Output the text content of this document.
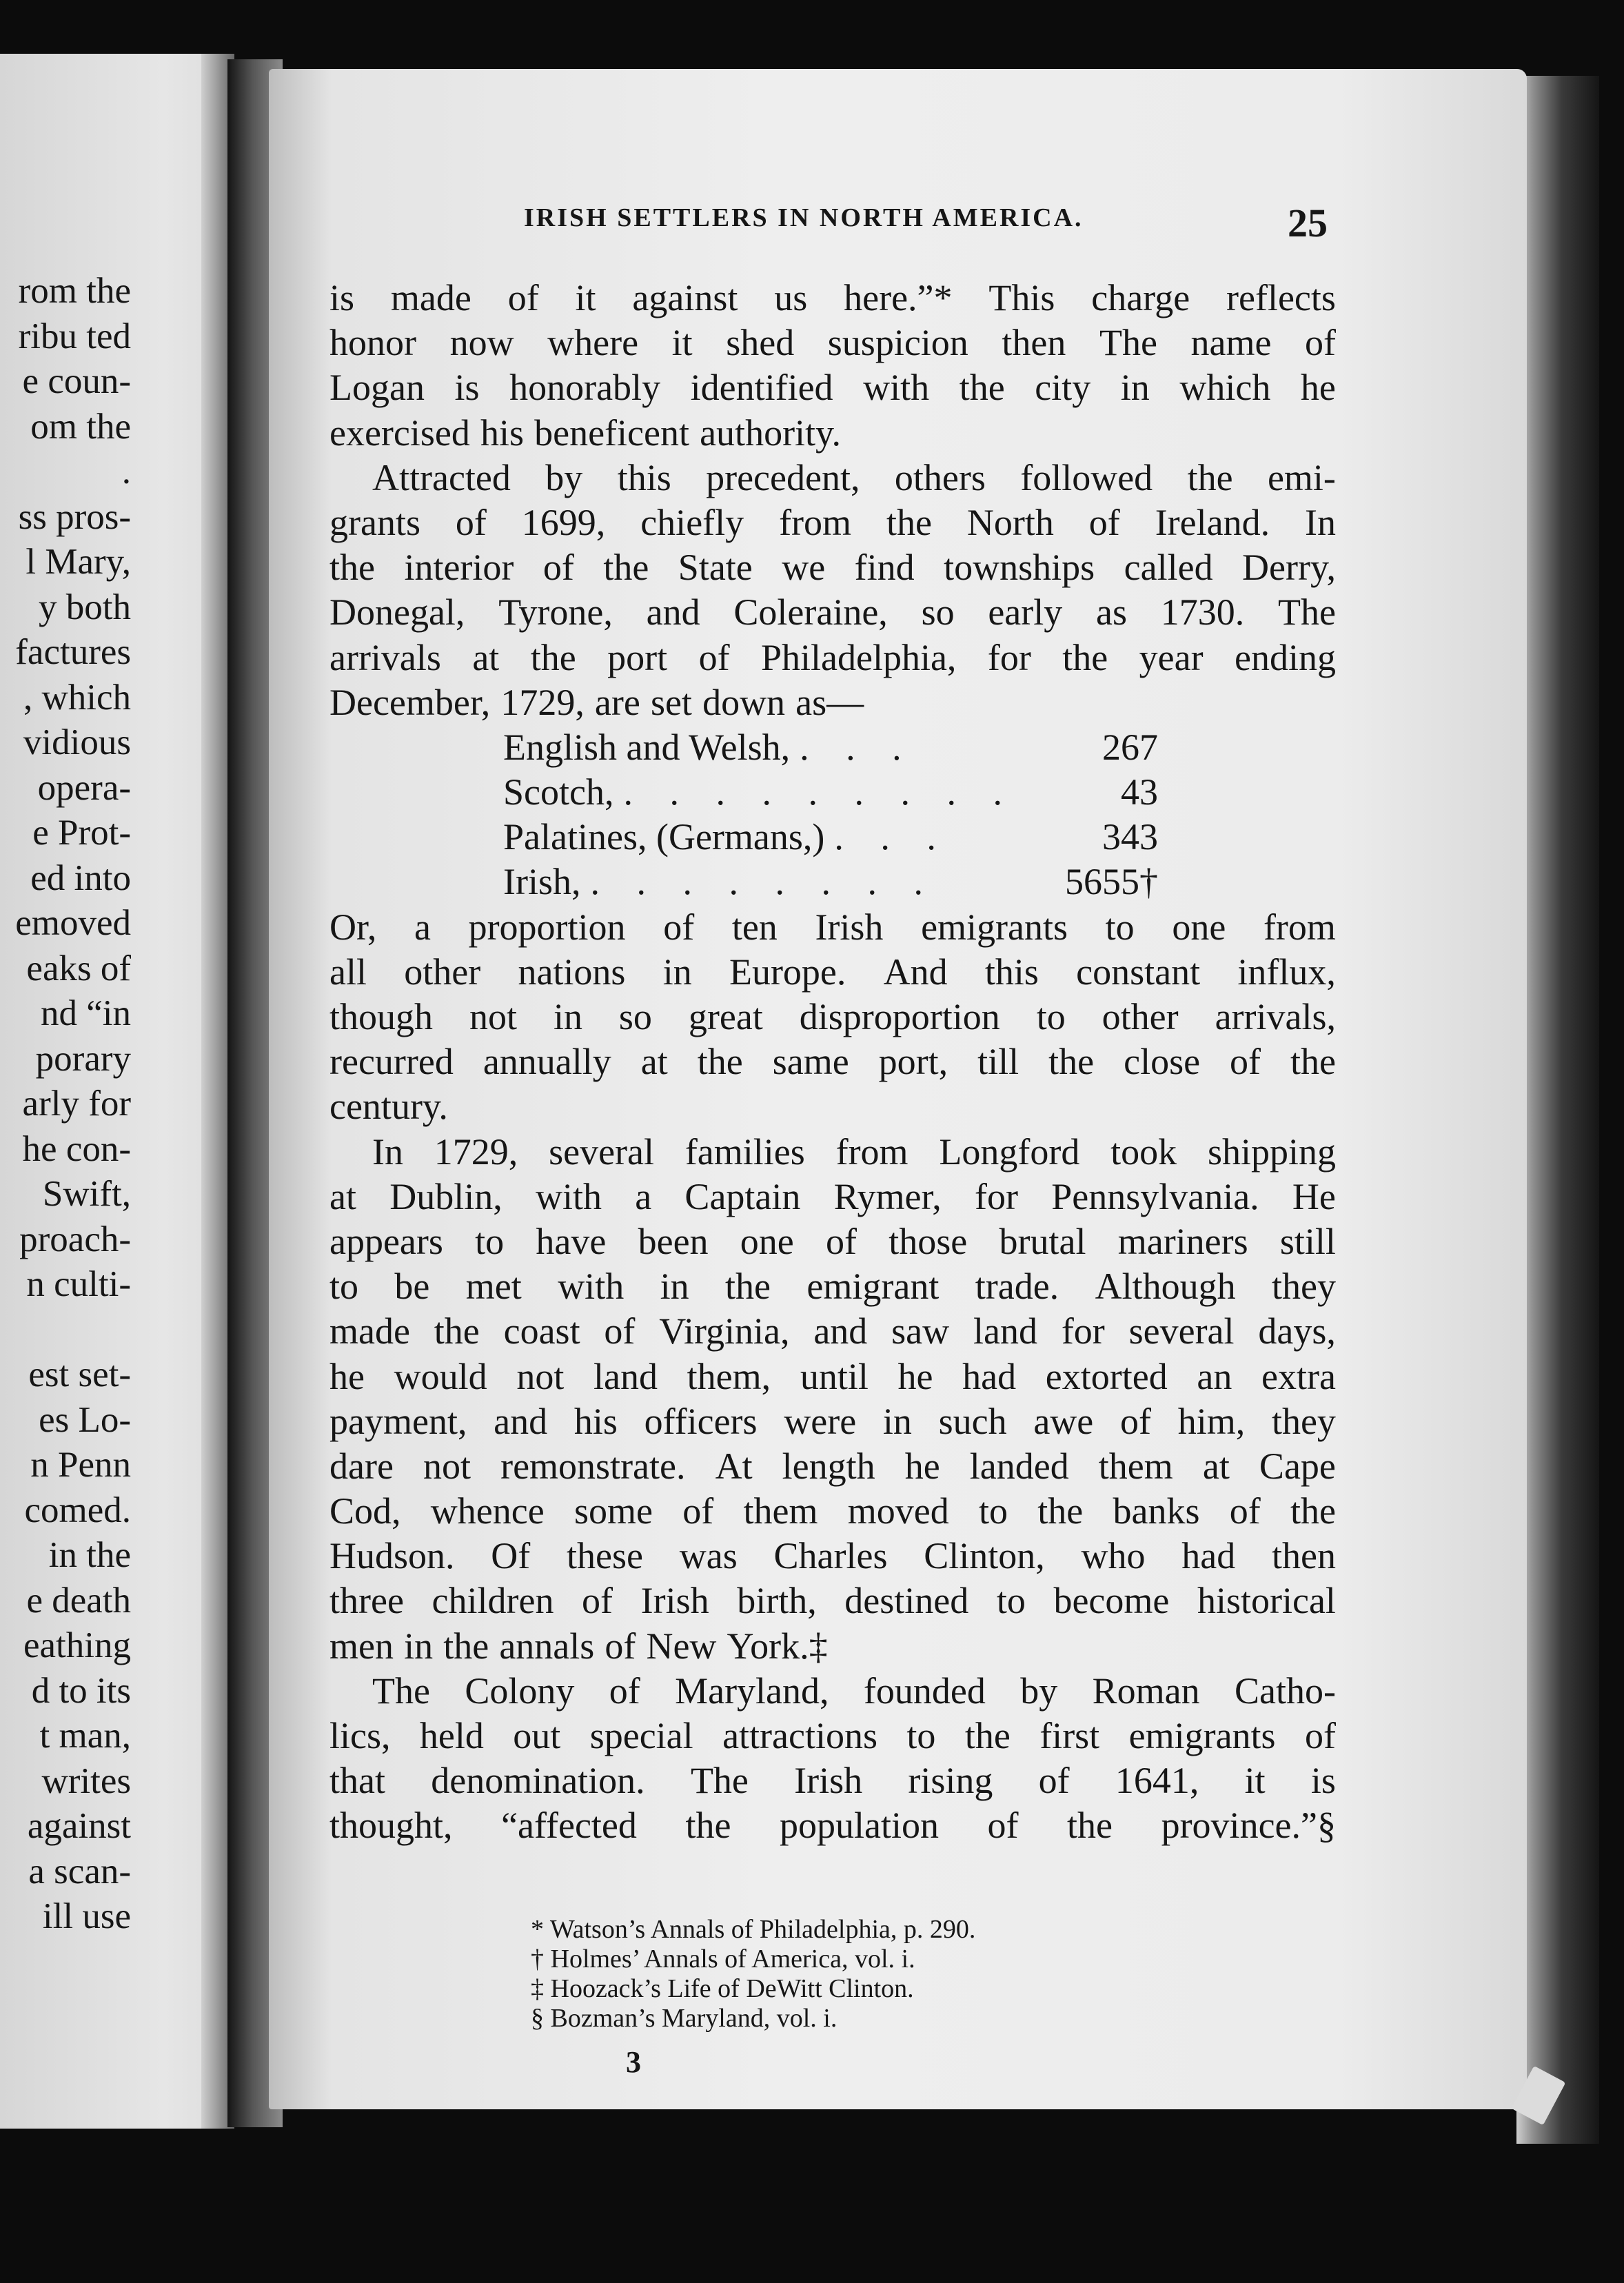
rom the
ribu ted
e coun-
om the
.
ss pros-
l Mary,
y both
factures
, which
vidious
opera-
e Prot-
ed into
emoved
eaks of
nd “in
porary
arly for
he con-
Swift,
proach-
n culti-
est set-
es Lo-
n Penn
comed.
in the
e death
eathing
d to its
t man,
writes
against
a scan-
ill use
IRISH SETTLERS IN NORTH AMERICA.	25
is made of it against us here.”* This charge reflects
honor now where it shed suspicion then The name of
Logan is honorably identified with the city in which he
exercised his beneficent authority.
Attracted by this precedent, others followed the emi-
grants of 1699, chiefly from the North of Ireland. In
the interior of the State we find townships called Derry,
Donegal, Tyrone, and Coleraine, so early as 1730. The
arrivals at the port of Philadelphia, for the year ending
December, 1729, are set down as—
English and Welsh, . . .	267
Scotch, . . . . . . . . .	43
Palatines, (Germans,) . . .	343
Irish, . . . . . . . .	5655†
Or, a proportion of ten Irish emigrants to one from
all other nations in Europe. And this constant influx,
though not in so great disproportion to other arrivals,
recurred annually at the same port, till the close of the
century.
In 1729, several families from Longford took shipping
at Dublin, with a Captain Rymer, for Pennsylvania. He
appears to have been one of those brutal mariners still
to be met with in the emigrant trade. Although they
made the coast of Virginia, and saw land for several days,
he would not land them, until he had extorted an extra
payment, and his officers were in such awe of him, they
dare not remonstrate. At length he landed them at Cape
Cod, whence some of them moved to the banks of the
Hudson. Of these was Charles Clinton, who had then
three children of Irish birth, destined to become historical
men in the annals of New York.‡
The Colony of Maryland, founded by Roman Catho-
lics, held out special attractions to the first emigrants of
that denomination. The Irish rising of 1641, it is
thought, “affected the population of the province.”§
* Watson’s Annals of Philadelphia, p. 290.
† Holmes’ Annals of America, vol. i.
‡ Hoozack’s Life of DeWitt Clinton.
§ Bozman’s Maryland, vol. i.
3
